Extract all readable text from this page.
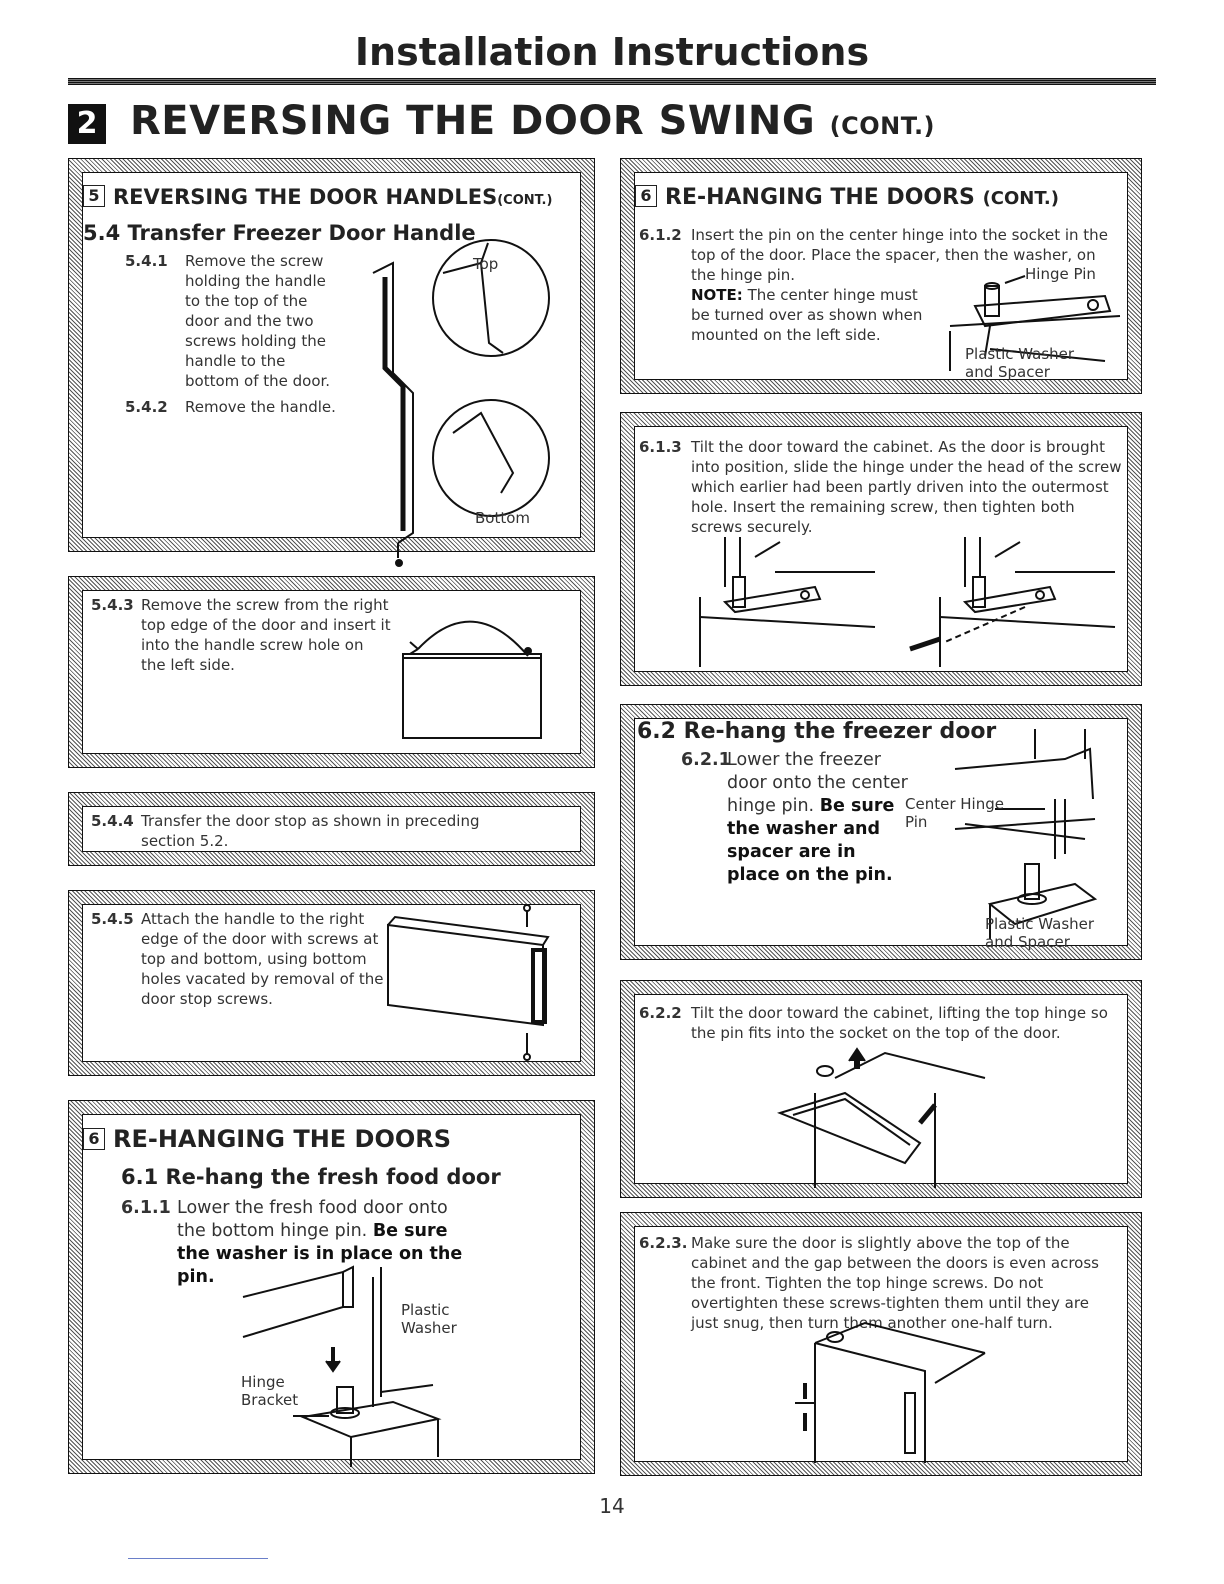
Installation Instructions
2 REVERSING THE DOOR SWING (CONT.)
5 REVERSING THE DOOR HANDLES(CONT.)
5.4 Transfer Freezer Door Handle
5.4.1	Remove the screw holding the handle to the top of the door and the two screws holding the handle to the bottom of the door.
5.4.2	Remove the handle.
Top
Bottom
5.4.3 Remove the screw from the right top edge of the door and insert it into the handle screw hole on the left side.
5.4.4 Transfer the door stop as shown in preceding section 5.2.
5.4.5 Attach the handle to the right edge of the door with screws at top and bottom, using bottom holes vacated by removal of the door stop screws.
6 RE-HANGING THE DOORS
6.1 Re-hang the fresh food door
6.1.1 Lower the fresh food door onto the bottom hinge pin. Be sure the washer is in place on the pin.
Plastic Washer
Hinge Bracket
6 RE-HANGING THE DOORS (CONT.)
6.1.2 Insert the pin on the center hinge into the socket in the top of the door. Place the spacer, then the washer, on the hinge pin.
NOTE: The center hinge must be turned over as shown when mounted on the left side.
Hinge Pin
Plastic Washer and Spacer
6.1.3 Tilt the door toward the cabinet. As the door is brought into position, slide the hinge under the head of the screw which earlier had been partly driven into the outermost hole. Insert the remaining screw, then tighten both screws securely.
6.2 Re-hang the freezer door
6.2.1
Lower the freezer door onto the center hinge pin. Be sure the washer and spacer are in place on the pin.
Center Hinge Pin
Plastic Washer and Spacer
6.2.2 Tilt the door toward the cabinet, lifting the top hinge so the pin fits into the socket on the top of the door.
6.2.3. Make sure the door is slightly above the top of the cabinet and the gap between the doors is even across the front. Tighten the top hinge screws. Do not overtighten these screws-tighten them until they are just snug, then turn them another one-half turn.
14
